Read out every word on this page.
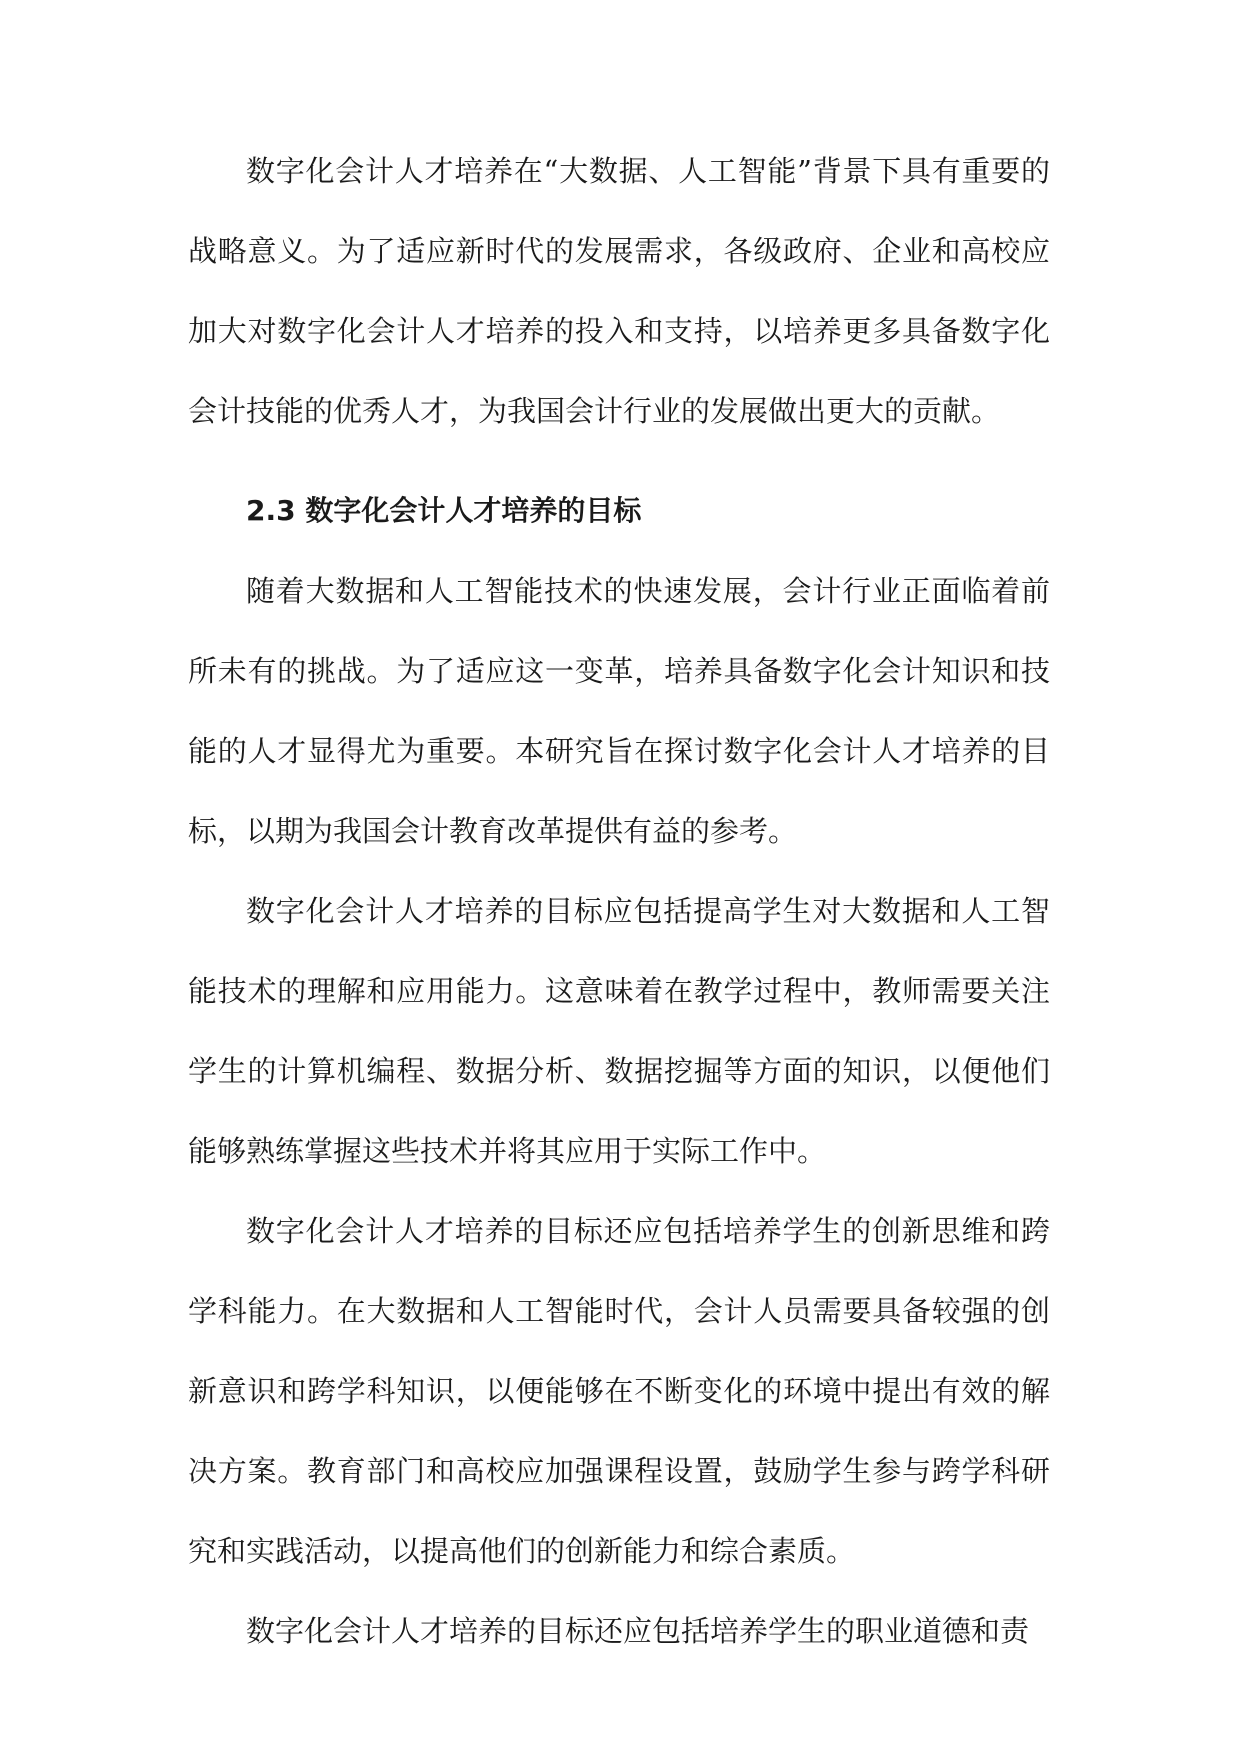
数字化会计人才培养在“大数据、人工智能”背景下具有重要的战略意义。为了适应新时代的发展需求，各级政府、企业和高校应加大对数字化会计人才培养的投入和支持，以培养更多具备数字化会计技能的优秀人才，为我国会计行业的发展做出更大的贡献。

2.3 数字化会计人才培养的目标

随着大数据和人工智能技术的快速发展，会计行业正面临着前所未有的挑战。为了适应这一变革，培养具备数字化会计知识和技能的人才显得尤为重要。本研究旨在探讨数字化会计人才培养的目标，以期为我国会计教育改革提供有益的参考。

数字化会计人才培养的目标应包括提高学生对大数据和人工智能技术的理解和应用能力。这意味着在教学过程中，教师需要关注学生的计算机编程、数据分析、数据挖掘等方面的知识，以便他们能够熟练掌握这些技术并将其应用于实际工作中。

数字化会计人才培养的目标还应包括培养学生的创新思维和跨学科能力。在大数据和人工智能时代，会计人员需要具备较强的创新意识和跨学科知识，以便能够在不断变化的环境中提出有效的解决方案。教育部门和高校应加强课程设置，鼓励学生参与跨学科研究和实践活动，以提高他们的创新能力和综合素质。

数字化会计人才培养的目标还应包括培养学生的职业道德和责
